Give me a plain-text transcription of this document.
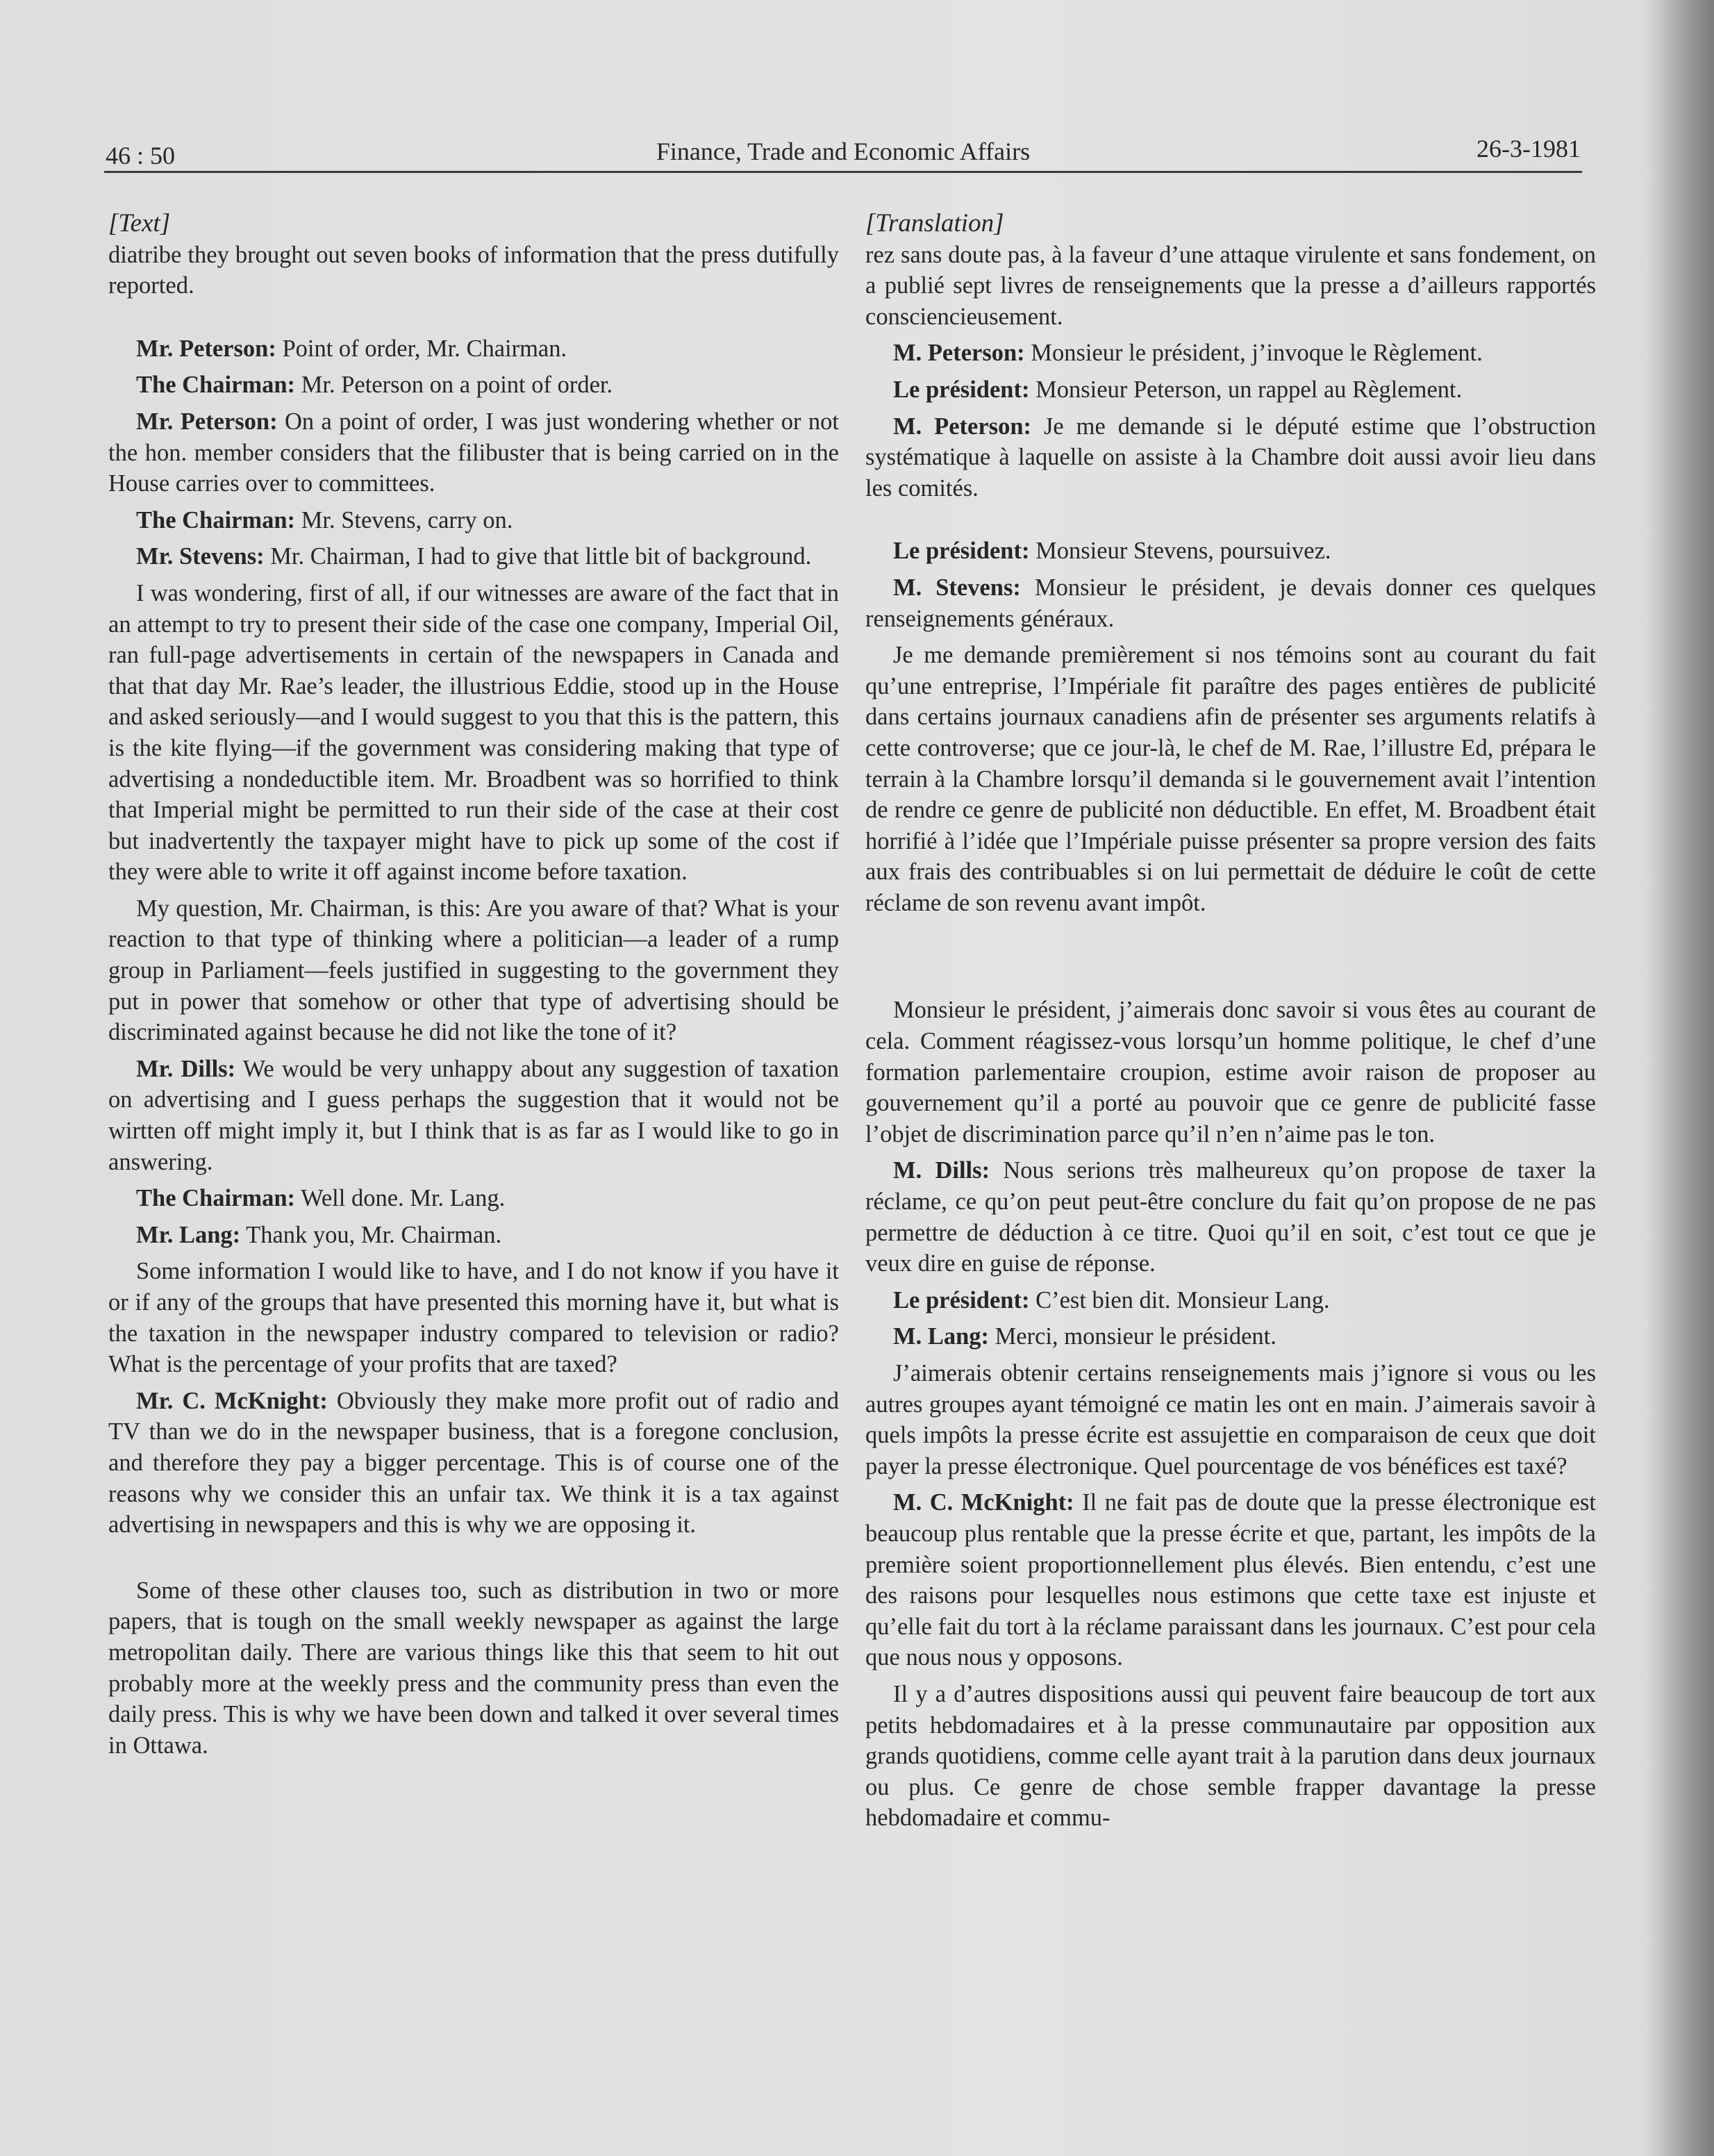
46 : 50	Finance, Trade and Economic Affairs	26-3-1981

[Text]

diatribe they brought out seven books of information that the press dutifully reported.

Mr. Peterson: Point of order, Mr. Chairman.

The Chairman: Mr. Peterson on a point of order.

Mr. Peterson: On a point of order, I was just wondering whether or not the hon. member considers that the filibuster that is being carried on in the House carries over to committees.

The Chairman: Mr. Stevens, carry on.

Mr. Stevens: Mr. Chairman, I had to give that little bit of background.

I was wondering, first of all, if our witnesses are aware of the fact that in an attempt to try to present their side of the case one company, Imperial Oil, ran full-page advertisements in certain of the newspapers in Canada and that that day Mr. Rae’s leader, the illustrious Eddie, stood up in the House and asked seriously—and I would suggest to you that this is the pattern, this is the kite flying—if the government was considering making that type of advertising a nondeductible item. Mr. Broadbent was so horrified to think that Imperial might be permitted to run their side of the case at their cost but inadvertently the taxpayer might have to pick up some of the cost if they were able to write it off against income before taxation.

My question, Mr. Chairman, is this: Are you aware of that? What is your reaction to that type of thinking where a politician—a leader of a rump group in Parliament—feels justified in suggesting to the government they put in power that somehow or other that type of advertising should be discriminated against because he did not like the tone of it?

Mr. Dills: We would be very unhappy about any suggestion of taxation on advertising and I guess perhaps the suggestion that it would not be wirtten off might imply it, but I think that is as far as I would like to go in answering.

The Chairman: Well done. Mr. Lang.

Mr. Lang: Thank you, Mr. Chairman.

Some information I would like to have, and I do not know if you have it or if any of the groups that have presented this morning have it, but what is the taxation in the newspaper industry compared to television or radio? What is the percentage of your profits that are taxed?

Mr. C. McKnight: Obviously they make more profit out of radio and TV than we do in the newspaper business, that is a foregone conclusion, and therefore they pay a bigger percentage. This is of course one of the reasons why we consider this an unfair tax. We think it is a tax against advertising in newspapers and this is why we are opposing it.

Some of these other clauses too, such as distribution in two or more papers, that is tough on the small weekly newspaper as against the large metropolitan daily. There are various things like this that seem to hit out probably more at the weekly press and the community press than even the daily press. This is why we have been down and talked it over several times in Ottawa.

[Translation]

rez sans doute pas, à la faveur d’une attaque virulente et sans fondement, on a publié sept livres de renseignements que la presse a d’ailleurs rapportés consciencieusement.

M. Peterson: Monsieur le président, j’invoque le Règlement.

Le président: Monsieur Peterson, un rappel au Règlement.

M. Peterson: Je me demande si le député estime que l’obstruction systématique à laquelle on assiste à la Chambre doit aussi avoir lieu dans les comités.

Le président: Monsieur Stevens, poursuivez.

M. Stevens: Monsieur le président, je devais donner ces quelques renseignements généraux.

Je me demande premièrement si nos témoins sont au courant du fait qu’une entreprise, l’Impériale fit paraître des pages entières de publicité dans certains journaux canadiens afin de présenter ses arguments relatifs à cette controverse; que ce jour-là, le chef de M. Rae, l’illustre Ed, prépara le terrain à la Chambre lorsqu’il demanda si le gouvernement avait l’intention de rendre ce genre de publicité non déductible. En effet, M. Broadbent était horrifié à l’idée que l’Impériale puisse présenter sa propre version des faits aux frais des contribuables si on lui permettait de déduire le coût de cette réclame de son revenu avant impôt.

Monsieur le président, j’aimerais donc savoir si vous êtes au courant de cela. Comment réagissez-vous lorsqu’un homme politique, le chef d’une formation parlementaire croupion, estime avoir raison de proposer au gouvernement qu’il a porté au pouvoir que ce genre de publicité fasse l’objet de discrimination parce qu’il n’en n’aime pas le ton.

M. Dills: Nous serions très malheureux qu’on propose de taxer la réclame, ce qu’on peut peut-être conclure du fait qu’on propose de ne pas permettre de déduction à ce titre. Quoi qu’il en soit, c’est tout ce que je veux dire en guise de réponse.

Le président: C’est bien dit. Monsieur Lang.

M. Lang: Merci, monsieur le président.

J’aimerais obtenir certains renseignements mais j’ignore si vous ou les autres groupes ayant témoigné ce matin les ont en main. J’aimerais savoir à quels impôts la presse écrite est assujettie en comparaison de ceux que doit payer la presse électronique. Quel pourcentage de vos bénéfices est taxé?

M. C. McKnight: Il ne fait pas de doute que la presse électronique est beaucoup plus rentable que la presse écrite et que, partant, les impôts de la première soient proportionnellement plus élevés. Bien entendu, c’est une des raisons pour lesquelles nous estimons que cette taxe est injuste et qu’elle fait du tort à la réclame paraissant dans les journaux. C’est pour cela que nous nous y opposons.

Il y a d’autres dispositions aussi qui peuvent faire beaucoup de tort aux petits hebdomadaires et à la presse communautaire par opposition aux grands quotidiens, comme celle ayant trait à la parution dans deux journaux ou plus. Ce genre de chose semble frapper davantage la presse hebdomadaire et commu-
